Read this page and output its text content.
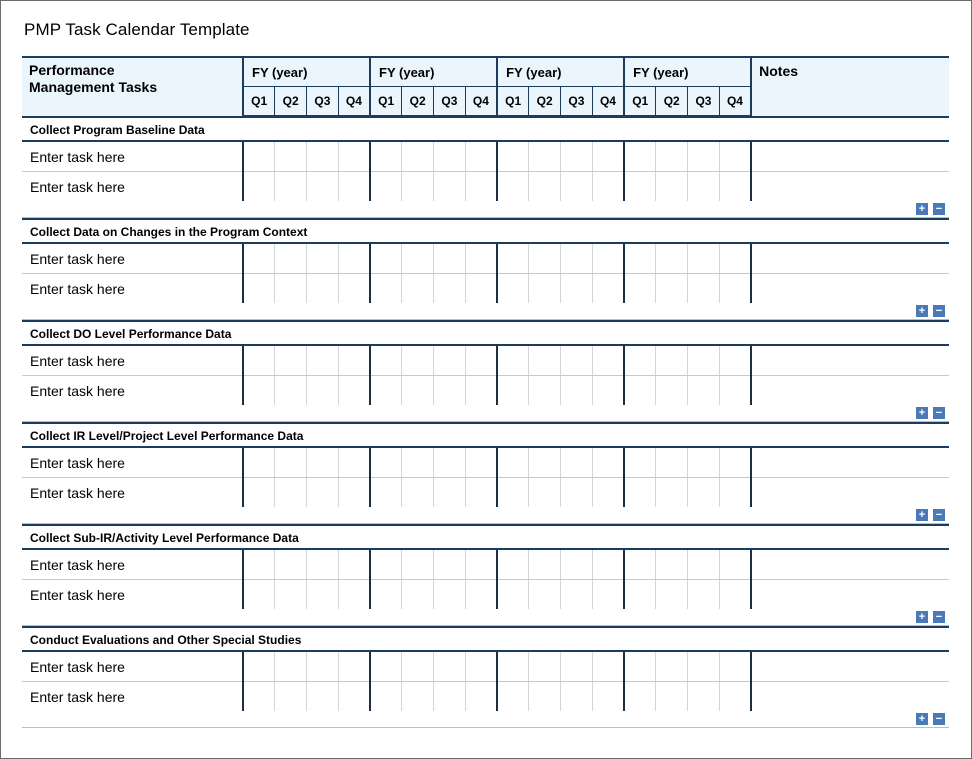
PMP Task Calendar Template
Performance
Management Tasks	FY (year)				FY (year)				FY (year)				FY (year)				Notes
	Q1	Q2	Q3	Q4	Q1	Q2	Q3	Q4	Q1	Q2	Q3	Q4	Q1	Q2	Q3	Q4	
Collect Program Baseline Data
Enter task here																	
Enter task here																	
+ −
Collect Data on Changes in the Program Context
Enter task here																	
Enter task here																	
+ −
Collect DO Level Performance Data
Enter task here																	
Enter task here																	
+ −
Collect IR Level/Project Level Performance Data
Enter task here																	
Enter task here																	
+ −
Collect Sub-IR/Activity Level Performance Data
Enter task here																	
Enter task here																	
+ −
Conduct Evaluations and Other Special Studies
Enter task here																	
Enter task here																	
+ −
